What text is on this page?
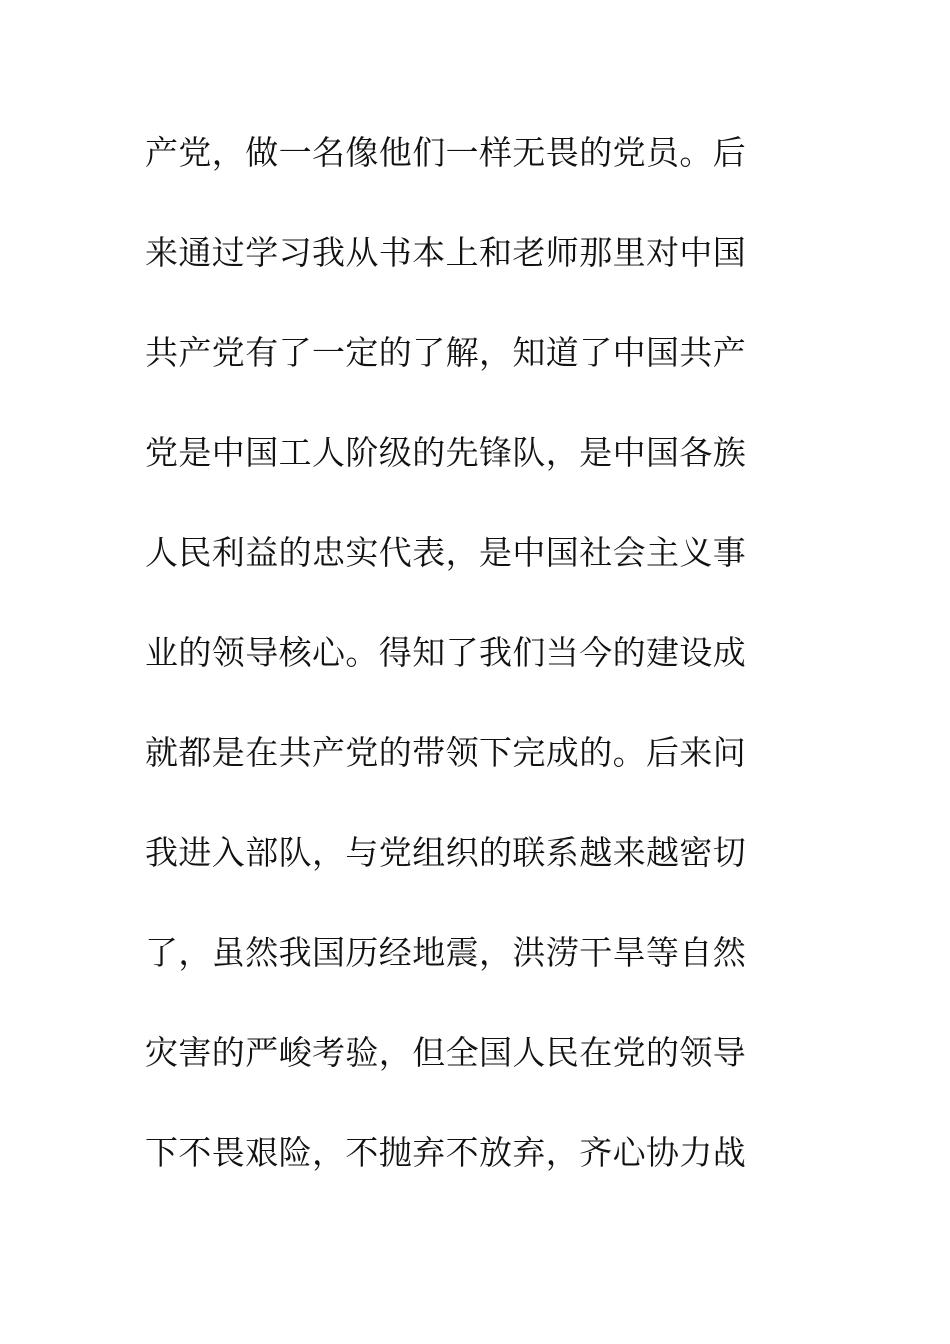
产党，做一名像他们一样无畏的党员。后
来通过学习我从书本上和老师那里对中国
共产党有了一定的了解，知道了中国共产
党是中国工人阶级的先锋队，是中国各族
人民利益的忠实代表，是中国社会主义事
业的领导核心。得知了我们当今的建设成
就都是在共产党的带领下完成的。后来问
我进入部队，与党组织的联系越来越密切
了，虽然我国历经地震，洪涝干旱等自然
灾害的严峻考验，但全国人民在党的领导
下不畏艰险，不抛弃不放弃，齐心协力战
